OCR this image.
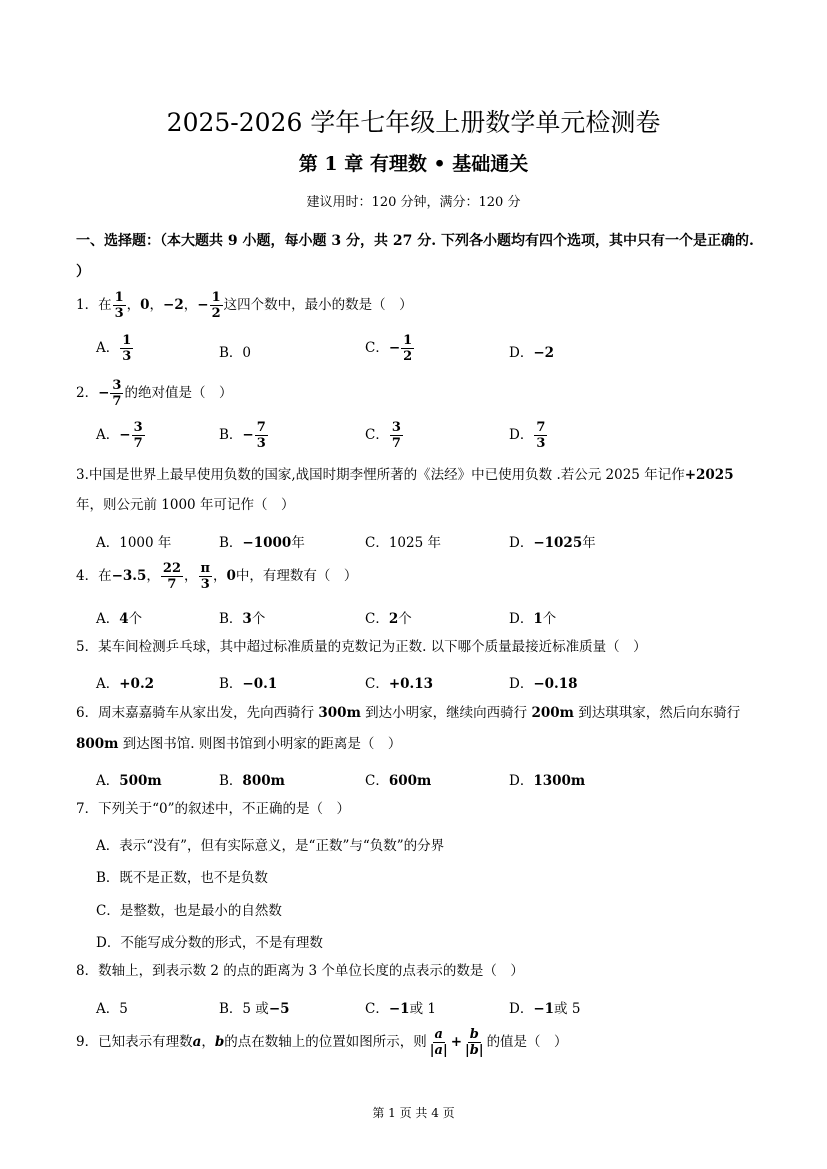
2025-2026 学年七年级上册数学单元检测卷
第 1 章 有理数 • 基础通关
建议用时：120 分钟，满分：120 分
一、选择题：（本大题共 9 小题，每小题 3 分，共 27 分. 下列各小题均有四个选项，其中只有一个是正确的. ）
1．在 $\frac{1}{3}$ ，0，−2，− $\frac{1}{2}$ 这四个数中，最小的数是（　）
A． $\frac{1}{3}$	B．0	C．− $\frac{1}{2}$	D．−2
2．− $\frac{3}{7}$ 的绝对值是（　）
A．− $\frac{3}{7}$	B．− $\frac{7}{3}$	C． $\frac{3}{7}$	D． $\frac{7}{3}$
3.中国是世界上最早使用负数的国家,战国时期李悝所著的《法经》中已使用负数 .若公元 2025 年记作+2025
年，则公元前 1000 年可记作（　）
A．1000 年	B．−1000年	C．1025 年	D．−1025年
4．在−3.5， $\frac{22}{7}$ ， $\frac{\pi}{3}$ ，0中，有理数有（　）
A．4个	B．3个	C．2个	D．1个
5．某车间检测乒乓球，其中超过标准质量的克数记为正数. 以下哪个质量最接近标准质量（　）
A．+0.2	B．−0.1	C．+0.13	D．−0.18
6．周末嘉嘉骑车从家出发，先向西骑行 300m 到达小明家，继续向西骑行 200m 到达琪琪家，然后向东骑行
800m 到达图书馆. 则图书馆到小明家的距离是（　）
A．500m	B．800m	C．600m	D．1300m
7．下列关于“0”的叙述中，不正确的是（　）
A．表示“没有”，但有实际意义，是“正数”与“负数”的分界
B．既不是正数，也不是负数
C．是整数，也是最小的自然数
D．不能写成分数的形式，不是有理数
8．数轴上，到表示数 2 的点的距离为 3 个单位长度的点表示的数是（　）
A．5	B．5 或−5	C．−1或 1	D．−1或 5
9．已知表示有理数a，b的点在数轴上的位置如图所示，则 $\frac{a}{|a|} + \frac{b}{|b|}$ 的值是（　）
第 1 页 共 4 页
